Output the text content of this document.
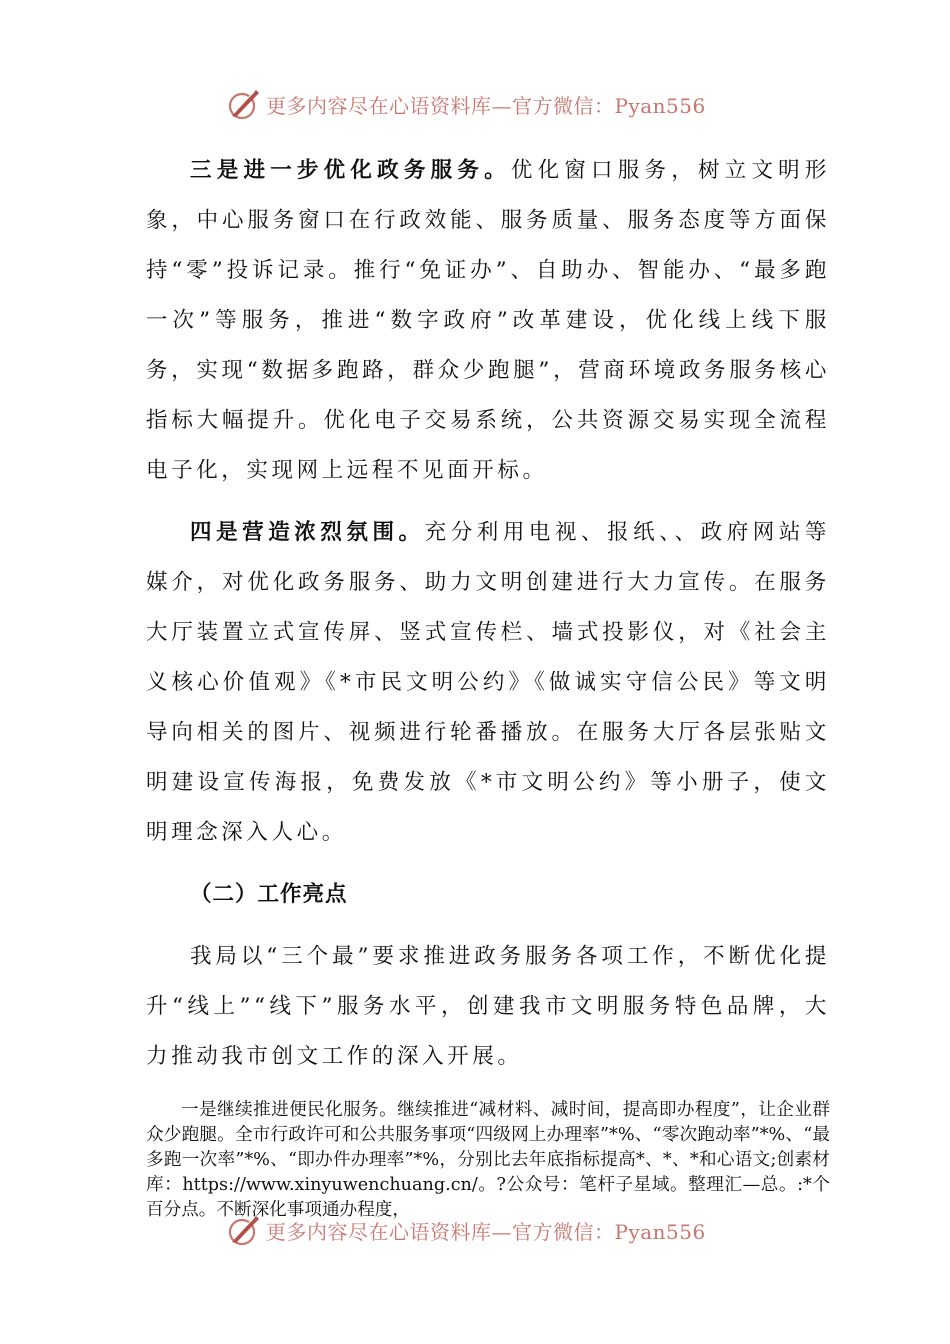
更多内容尽在心语资料库—官方微信：Pyan556

三是进一步优化政务服务。优化窗口服务，树立文明形象，中心服务窗口在行政效能、服务质量、服务态度等方面保持“零”投诉记录。推行“免证办”、自助办、智能办、“最多跑一次”等服务，推进“数字政府”改革建设，优化线上线下服务，实现“数据多跑路，群众少跑腿”，营商环境政务服务核心指标大幅提升。优化电子交易系统，公共资源交易实现全流程电子化，实现网上远程不见面开标。

四是营造浓烈氛围。充分利用电视、报纸、、政府网站等媒介，对优化政务服务、助力文明创建进行大力宣传。在服务大厅装置立式宣传屏、竖式宣传栏、墙式投影仪，对《社会主义核心价值观》《*市民文明公约》《做诚实守信公民》等文明导向相关的图片、视频进行轮番播放。在服务大厅各层张贴文明建设宣传海报，免费发放《*市文明公约》等小册子，使文明理念深入人心。

（二）工作亮点

我局以“三个最”要求推进政务服务各项工作，不断优化提升“线上”“线下”服务水平，创建我市文明服务特色品牌，大力推动我市创文工作的深入开展。

一是继续推进便民化服务。继续推进“减材料、减时间，提高即办程度”，让企业群众少跑腿。全市行政许可和公共服务事项“四级网上办理率”*%、“零次跑动率”*%、“最多跑一次率”*%、“即办件办理率”*%，分别比去年底指标提高*、*、*和心语文;创素材库：https://www.xinyuwenchuang.cn/。?公众号：笔杆子星域。整理汇—总。:*个百分点。不断深化事项通办程度，

更多内容尽在心语资料库—官方微信：Pyan556
